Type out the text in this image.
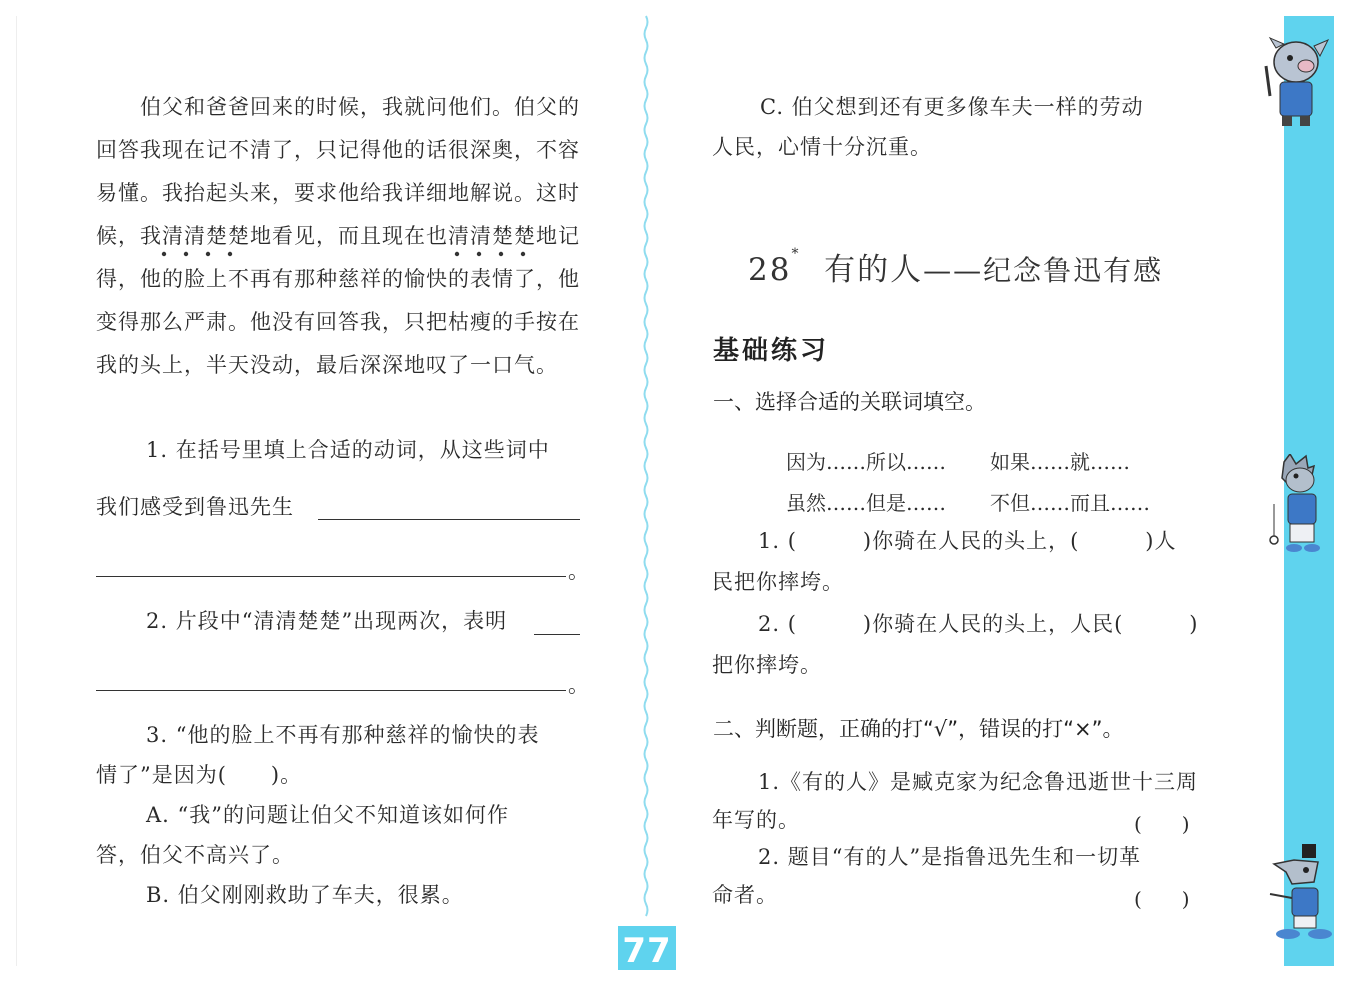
伯父和爸爸回来的时候，我就问他们。伯父的
回答我现在记不清了，只记得他的话很深奥，不容
易懂。我抬起头来，要求他给我详细地解说。这时
候，我清清楚楚地看见，而且现在也清清楚楚地记
得，他的脸上不再有那种慈祥的愉快的表情了，他
变得那么严肃。他没有回答我，只把枯瘦的手按在
我的头上，半天没动，最后深深地叹了一口气。
1. 在括号里填上合适的动词，从这些词中
我们感受到鲁迅先生
。
2. 片段中“清清楚楚”出现两次，表明
。
3. “他的脸上不再有那种慈祥的愉快的表
情了”是因为(　　)。
A. “我”的问题让伯父不知道该如何作
答，伯父不高兴了。
B. 伯父刚刚救助了车夫，很累。
C. 伯父想到还有更多像车夫一样的劳动
人民，心情十分沉重。
28* 有的人——纪念鲁迅有感
基础练习
一、选择合适的关联词填空。
因为……所以…… 如果……就……
虽然……但是…… 不但……而且……
1. (　　　)你骑在人民的头上，(　　　)人
民把你摔垮。
2. (　　　)你骑在人民的头上，人民(　　　)
把你摔垮。
二、判断题，正确的打“√”，错误的打“×”。
1.《有的人》是臧克家为纪念鲁迅逝世十三周
年写的。	(　　)
2. 题目“有的人”是指鲁迅先生和一切革
命者。	(　　)
77
